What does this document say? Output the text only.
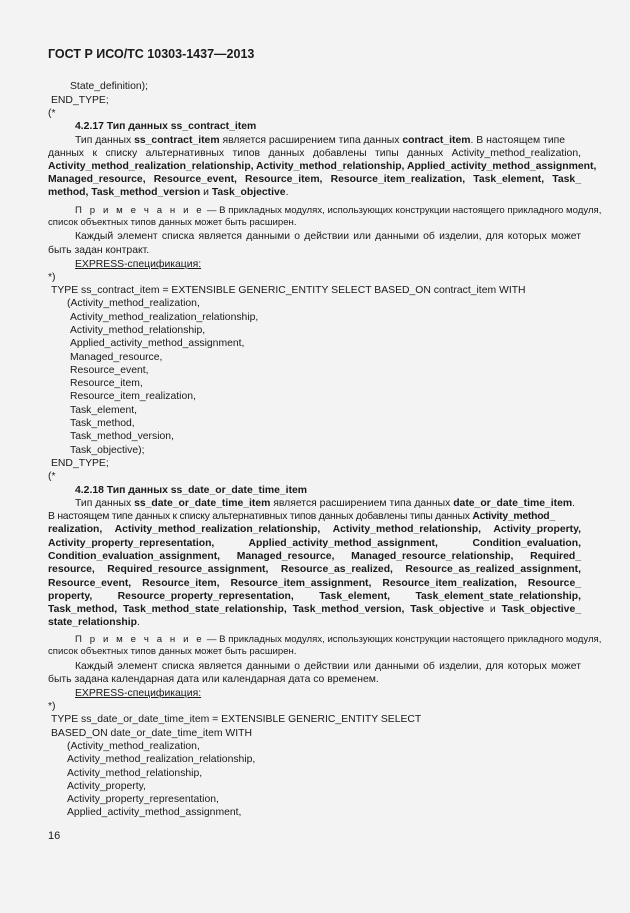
ГОСТ Р ИСО/ТС 10303-1437—2013
State_definition);
END_TYPE;
(*
4.2.17 Тип данных ss_contract_item
Тип данных ss_contract_item является расширением типа данных contract_item. В настоящем типе
данных к списку альтернативных типов данных добавлены типы данных Activity_method_realization,
Activity_method_realization_relationship, Activity_method_relationship, Applied_activity_method_assignment,
Managed_resource, Resource_event, Resource_item, Resource_item_realization, Task_element, Task_
method, Task_method_version и Task_objective.
П р и м е ч а н и е — В прикладных модулях, использующих конструкции настоящего прикладного модуля,
список объектных типов данных может быть расширен.
Каждый элемент списка является данными о действии или данными об изделии, для которых может
быть задан контракт.
EXPRESS-спецификация:
*)
TYPE ss_contract_item = EXTENSIBLE GENERIC_ENTITY SELECT BASED_ON contract_item WITH
(Activity_method_realization,
Activity_method_realization_relationship,
Activity_method_relationship,
Applied_activity_method_assignment,
Managed_resource,
Resource_event,
Resource_item,
Resource_item_realization,
Task_element,
Task_method,
Task_method_version,
Task_objective);
END_TYPE;
(*
4.2.18 Тип данных ss_date_or_date_time_item
Тип данных ss_date_or_date_time_item является расширением типа данных date_or_date_time_item.
В настоящем типе данных к списку альтернативных типов данных добавлены типы данных Activity_method_
realization, Activity_method_realization_relationship, Activity_method_relationship, Activity_property,
Activity_property_representation, Applied_activity_method_assignment, Condition_evaluation,
Condition_evaluation_assignment, Managed_resource, Managed_resource_relationship, Required_
resource, Required_resource_assignment, Resource_as_realized, Resource_as_realized_assignment,
Resource_event, Resource_item, Resource_item_assignment, Resource_item_realization, Resource_
property, Resource_property_representation, Task_element, Task_element_state_relationship,
Task_method, Task_method_state_relationship, Task_method_version, Task_objective и Task_objective_
state_relationship.
П р и м е ч а н и е — В прикладных модулях, использующих конструкции настоящего прикладного модуля,
список объектных типов данных может быть расширен.
Каждый элемент списка является данными о действии или данными об изделии, для которых может
быть задана календарная дата или календарная дата со временем.
EXPRESS-спецификация:
*)
TYPE ss_date_or_date_time_item = EXTENSIBLE GENERIC_ENTITY SELECT
BASED_ON date_or_date_time_item WITH
(Activity_method_realization,
Activity_method_realization_relationship,
Activity_method_relationship,
Activity_property,
Activity_property_representation,
Applied_activity_method_assignment,
16
